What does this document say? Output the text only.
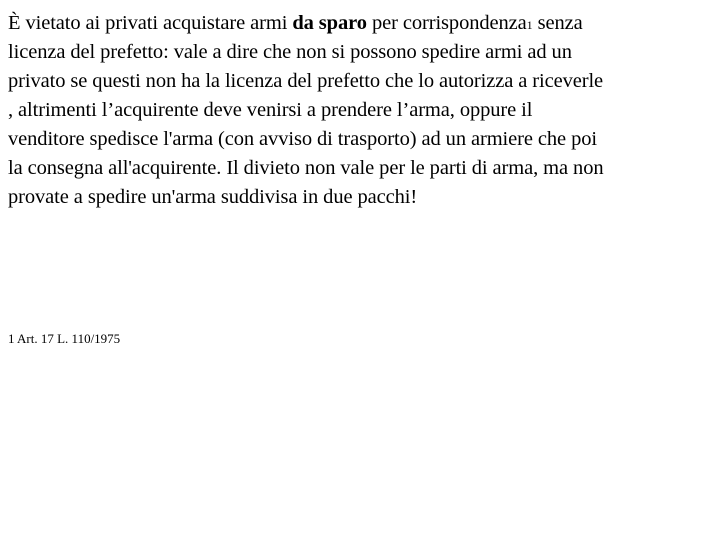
È vietato ai privati acquistare armi da sparo per corrispondenza1 senza
licenza del prefetto: vale a dire che non si possono spedire armi ad un
privato se questi non ha la licenza del prefetto che lo autorizza a riceverle
, altrimenti l’acquirente deve venirsi a prendere l’arma, oppure il
venditore spedisce l'arma (con avviso di trasporto) ad un armiere che poi
la consegna all'acquirente. Il divieto non vale per le parti di arma, ma non
provate a spedire un'arma suddivisa in due pacchi!

1 Art. 17 L. 110/1975
